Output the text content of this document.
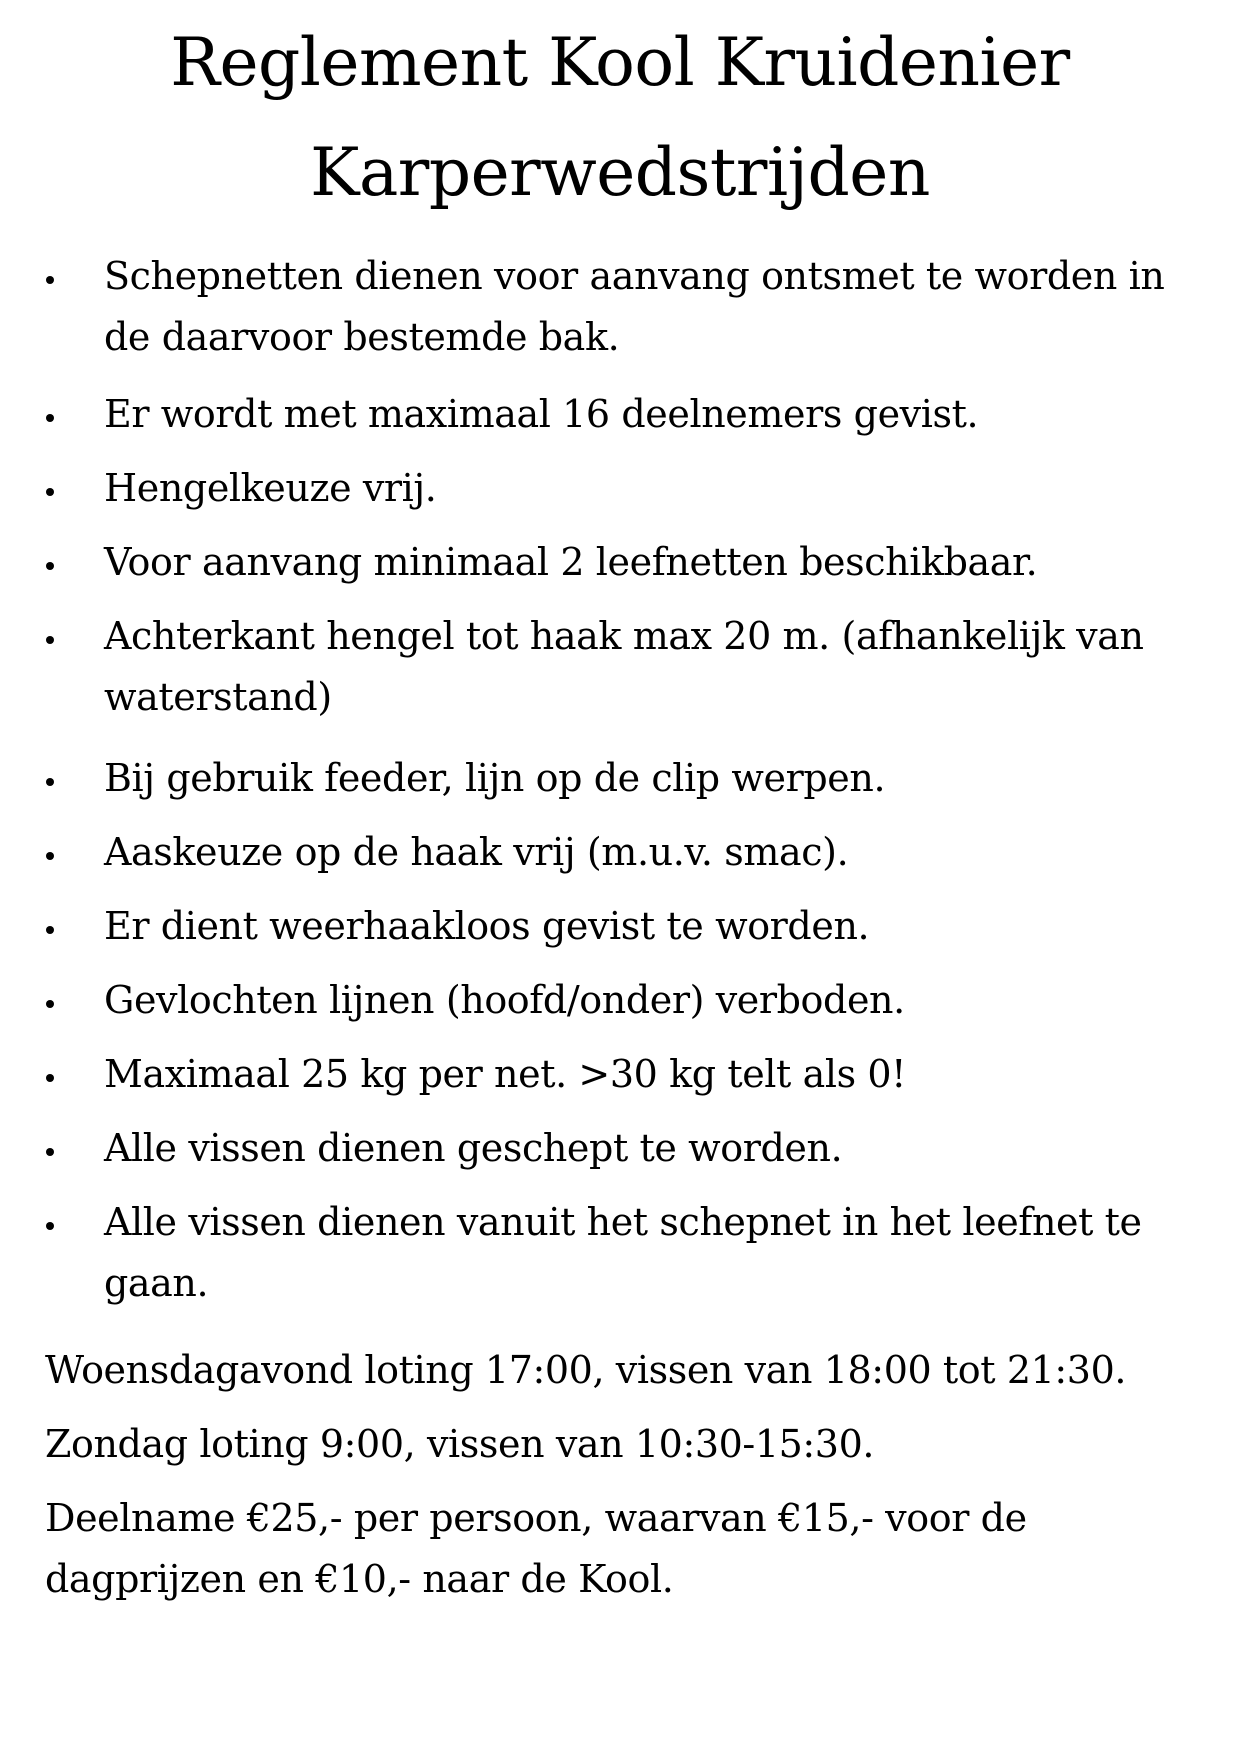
Reglement Kool Kruidenier
Karperwedstrijden
Schepnetten dienen voor aanvang ontsmet te worden in de daarvoor bestemde bak.
Er wordt met maximaal 16 deelnemers gevist.
Hengelkeuze vrij.
Voor aanvang minimaal 2 leefnetten beschikbaar.
Achterkant hengel tot haak max 20 m. (afhankelijk van waterstand)
Bij gebruik feeder, lijn op de clip werpen.
Aaskeuze op de haak vrij (m.u.v. smac).
Er dient weerhaakloos gevist te worden.
Gevlochten lijnen (hoofd/onder) verboden.
Maximaal 25 kg per net. >30 kg telt als 0!
Alle vissen dienen geschept te worden.
Alle vissen dienen vanuit het schepnet in het leefnet te gaan.
Woensdagavond loting 17:00, vissen van 18:00 tot 21:30.
Zondag loting 9:00, vissen van 10:30-15:30.
Deelname €25,- per persoon, waarvan €15,- voor de dagprijzen en €10,- naar de Kool.
